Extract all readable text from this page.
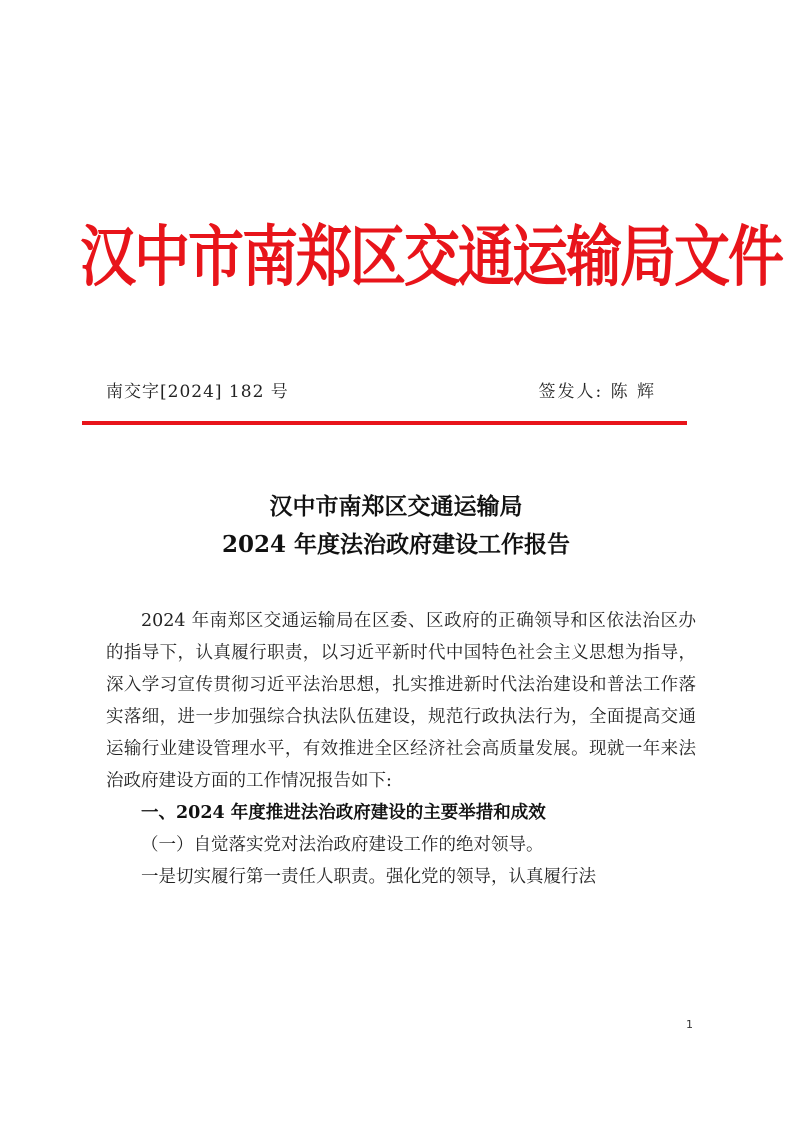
汉中市南郑区交通运输局文件
南交字[2024] 182 号	签发人: 陈 辉
汉中市南郑区交通运输局
2024 年度法治政府建设工作报告

2024 年南郑区交通运输局在区委、区政府的正确领导和区依法治区办的指导下，认真履行职责，以习近平新时代中国特色社会主义思想为指导，深入学习宣传贯彻习近平法治思想，扎实推进新时代法治建设和普法工作落实落细，进一步加强综合执法队伍建设，规范行政执法行为，全面提高交通运输行业建设管理水平，有效推进全区经济社会高质量发展。现就一年来法治政府建设方面的工作情况报告如下:

一、2024 年度推进法治政府建设的主要举措和成效

（一）自觉落实党对法治政府建设工作的绝对领导。

一是切实履行第一责任人职责。强化党的领导，认真履行法

1
